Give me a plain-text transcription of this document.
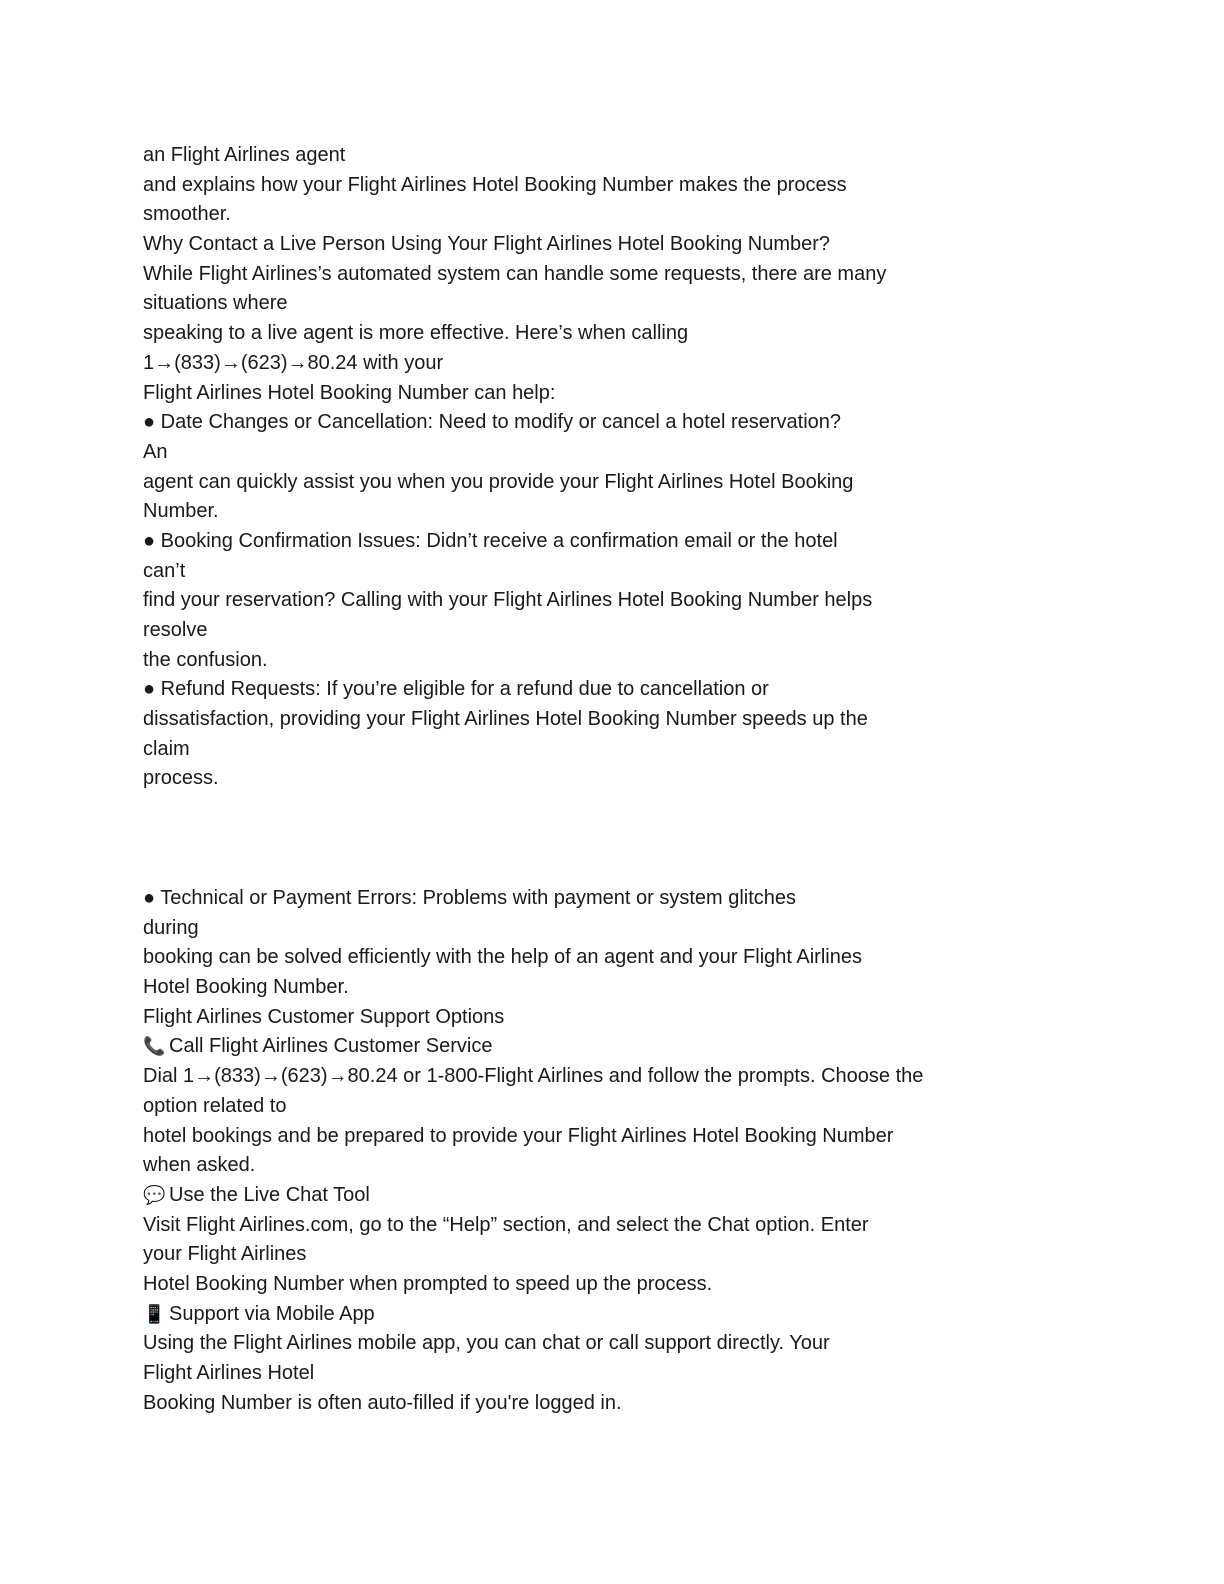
an Flight Airlines agent
and explains how your Flight Airlines Hotel Booking Number makes the process
smoother.
Why Contact a Live Person Using Your Flight Airlines Hotel Booking Number?
While Flight Airlines’s automated system can handle some requests, there are many
situations where
speaking to a live agent is more effective. Here’s when calling
1→(833)→(623)→80.24 with your
Flight Airlines Hotel Booking Number can help:
● Date Changes or Cancellation: Need to modify or cancel a hotel reservation?
An
agent can quickly assist you when you provide your Flight Airlines Hotel Booking
Number.
● Booking Confirmation Issues: Didn’t receive a confirmation email or the hotel
can’t
find your reservation? Calling with your Flight Airlines Hotel Booking Number helps
resolve
the confusion.
● Refund Requests: If you’re eligible for a refund due to cancellation or
dissatisfaction, providing your Flight Airlines Hotel Booking Number speeds up the
claim
process.
● Technical or Payment Errors: Problems with payment or system glitches
during
booking can be solved efficiently with the help of an agent and your Flight Airlines
Hotel Booking Number.
Flight Airlines Customer Support Options
📞 Call Flight Airlines Customer Service
Dial 1→(833)→(623)→80.24 or 1-800-Flight Airlines and follow the prompts. Choose the
option related to
hotel bookings and be prepared to provide your Flight Airlines Hotel Booking Number
when asked.
💬 Use the Live Chat Tool
Visit Flight Airlines.com, go to the “Help” section, and select the Chat option. Enter
your Flight Airlines
Hotel Booking Number when prompted to speed up the process.
📱 Support via Mobile App
Using the Flight Airlines mobile app, you can chat or call support directly. Your
Flight Airlines Hotel
Booking Number is often auto-filled if you're logged in.
